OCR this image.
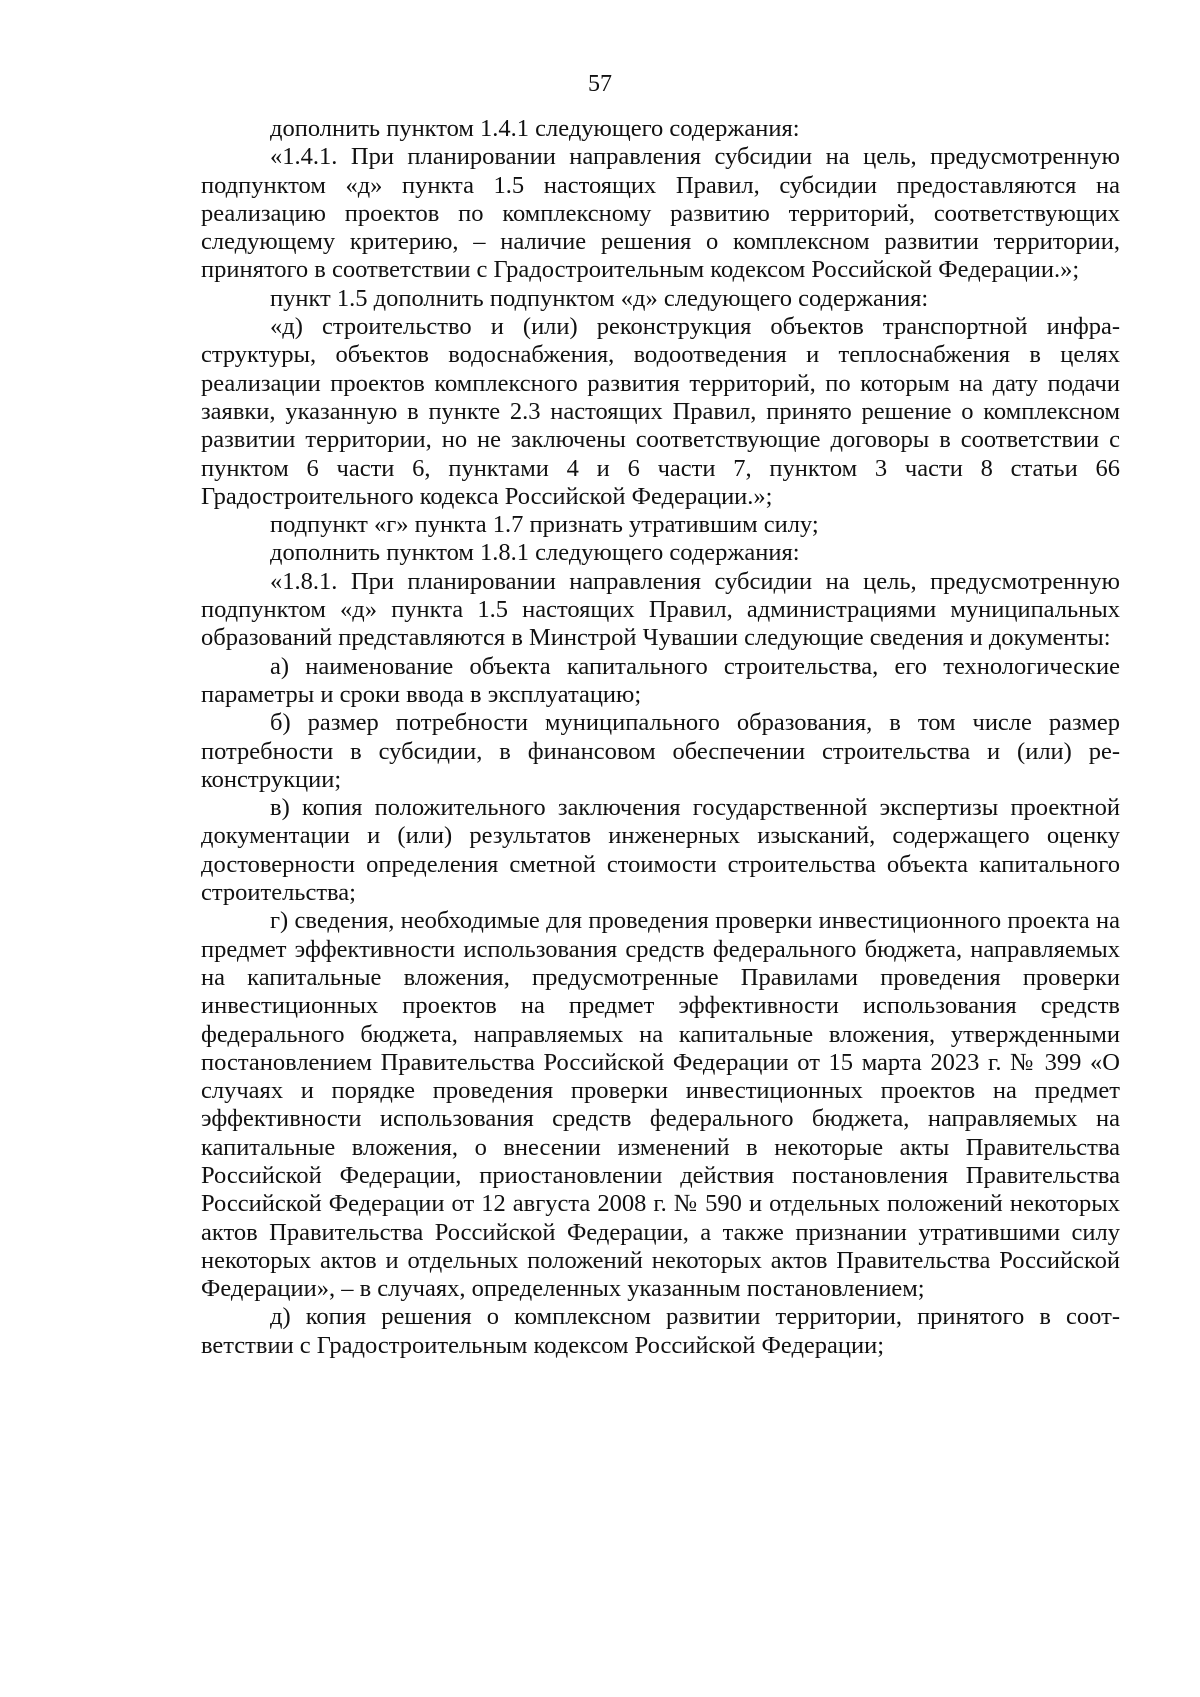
57

дополнить пунктом 1.4.1 следующего содержания:

«1.4.1. При планировании направления субсидии на цель, предусмотренную подпунктом «д» пункта 1.5 настоящих Правил, субсидии предоставляются на реализацию проектов по комплексному развитию территорий, соответствующих следующему критерию, – наличие решения о комплексном развитии территории, принятого в соответствии с Градостроительным кодексом Российской Федерации.»;

пункт 1.5 дополнить подпунктом «д» следующего содержания:

«д) строительство и (или) реконструкция объектов транспортной инфраструктуры, объектов водоснабжения, водоотведения и теплоснабжения в целях реализации проектов комплексного развития территорий, по которым на дату подачи заявки, указанную в пункте 2.3 настоящих Правил, принято решение о комплексном развитии территории, но не заключены соответствующие договоры в соответствии с пунктом 6 части 6, пунктами 4 и 6 части 7, пунктом 3 части 8 статьи 66 Градостроительного кодекса Российской Федерации.»;

подпункт «г» пункта 1.7 признать утратившим силу;

дополнить пунктом 1.8.1 следующего содержания:

«1.8.1. При планировании направления субсидии на цель, предусмотренную подпунктом «д» пункта 1.5 настоящих Правил, администрациями муниципальных образований представляются в Минстрой Чувашии следующие сведения и документы:

а) наименование объекта капитального строительства, его технологические параметры и сроки ввода в эксплуатацию;

б) размер потребности муниципального образования, в том числе размер потребности в субсидии, в финансовом обеспечении строительства и (или) реконструкции;

в) копия положительного заключения государственной экспертизы проектной документации и (или) результатов инженерных изысканий, содержащего оценку достоверности определения сметной стоимости строительства объекта капитального строительства;

г) сведения, необходимые для проведения проверки инвестиционного проекта на предмет эффективности использования средств федерального бюджета, направляемых на капитальные вложения, предусмотренные Правилами проведения проверки инвестиционных проектов на предмет эффективности использования средств федерального бюджета, направляемых на капитальные вложения, утвержденными постановлением Правительства Российской Федерации от 15 марта 2023 г. № 399 «О случаях и порядке проведения проверки инвестиционных проектов на предмет эффективности использования средств федерального бюджета, направляемых на капитальные вложения, о внесении изменений в некоторые акты Правительства Российской Федерации, приостановлении действия постановления Правительства Российской Федерации от 12 августа 2008 г. № 590 и отдельных положений некоторых актов Правительства Российской Федерации, а также признании утратившими силу некоторых актов и отдельных положений некоторых актов Правительства Российской Федерации», – в случаях, определенных указанным постановлением;

д) копия решения о комплексном развитии территории, принятого в соответствии с Градостроительным кодексом Российской Федерации;
